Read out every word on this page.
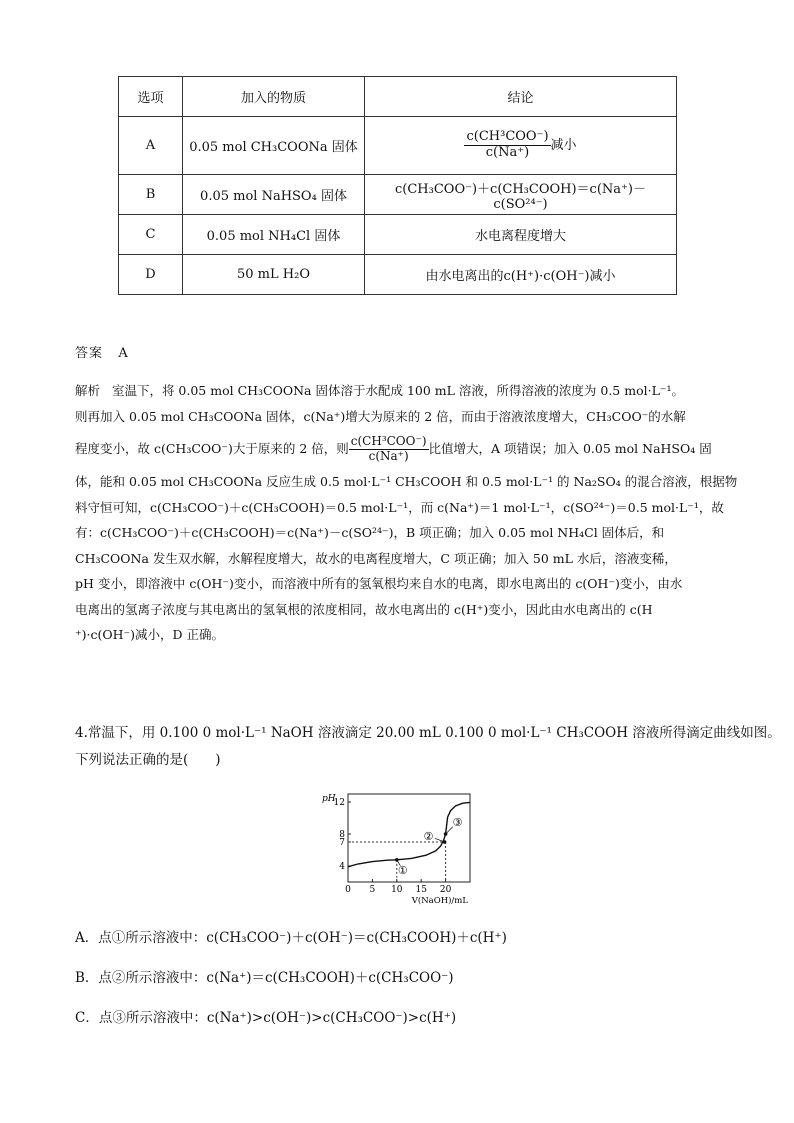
选项	加入的物质	结论
A	0.05 mol CH₃COONa 固体	$\frac{\text{c(CH³COO⁻)}}{c(Na^+)}$ 减小
B	0.05 mol NaHSO₄ 固体	c(CH₃COO⁻)＋c(CH₃COOH)＝c(Na⁺)－c(SO²⁴⁻)
C	0.05 mol NH₄Cl 固体	水电离程度增大
D	50 mL H₂O	由水电离出的c(H⁺)·c(OH⁻)减小
答案 A

解析 室温下，将 0.05 mol CH₃COONa 固体溶于水配成 100 mL 溶液，所得溶液的浓度为 0.5 mol·L⁻¹。

则再加入 0.05 mol CH₃COONa 固体，c(Na⁺)增大为原来的 2 倍，而由于溶液浓度增大，CH₃COO⁻的水解

程度变小，故 c(CH₃COO⁻)大于原来的 2 倍，则 $\frac{\text{c(CH³COO⁻)}}{c(Na^+)}$ 比值增大，A 项错误；加入 0.05 mol NaHSO₄ 固

体，能和 0.05 mol CH₃COONa 反应生成 0.5 mol·L⁻¹ CH₃COOH 和 0.5 mol·L⁻¹ 的 Na₂SO₄ 的混合溶液，根据物

料守恒可知，c(CH₃COO⁻)＋c(CH₃COOH)＝0.5 mol·L⁻¹，而 c(Na⁺)＝1 mol·L⁻¹，c(SO²⁴⁻)＝0.5 mol·L⁻¹，故

有：c(CH₃COO⁻)＋c(CH₃COOH)＝c(Na⁺)－c(SO²⁴⁻)，B 项正确；加入 0.05 mol NH₄Cl 固体后，和

CH₃COONa 发生双水解，水解程度增大，故水的电离程度增大，C 项正确；加入 50 mL 水后，溶液变稀，

pH 变小，即溶液中 c(OH⁻)变小，而溶液中所有的氢氧根均来自水的电离，即水电离出的 c(OH⁻)变小，由水

电离出的氢离子浓度与其电离出的氢氧根的浓度相同，故水电离出的 c(H⁺)变小，因此由水电离出的 c(H

⁺)·c(OH⁻)减小，D 正确。

4.常温下，用 0.100 0 mol·L⁻¹ NaOH 溶液滴定 20.00 mL 0.100 0 mol·L⁻¹ CH₃COOH 溶液所得滴定曲线如图。

下列说法正确的是(　　)

pH
V(NaOH)/mL
4
7
8
12
0 5 10 15 20
①
②
③
A．点①所示溶液中：c(CH₃COO⁻)＋c(OH⁻)＝c(CH₃COOH)＋c(H⁺)
B．点②所示溶液中：c(Na⁺)＝c(CH₃COOH)＋c(CH₃COO⁻)
C．点③所示溶液中：c(Na⁺)>c(OH⁻)>c(CH₃COO⁻)>c(H⁺)
